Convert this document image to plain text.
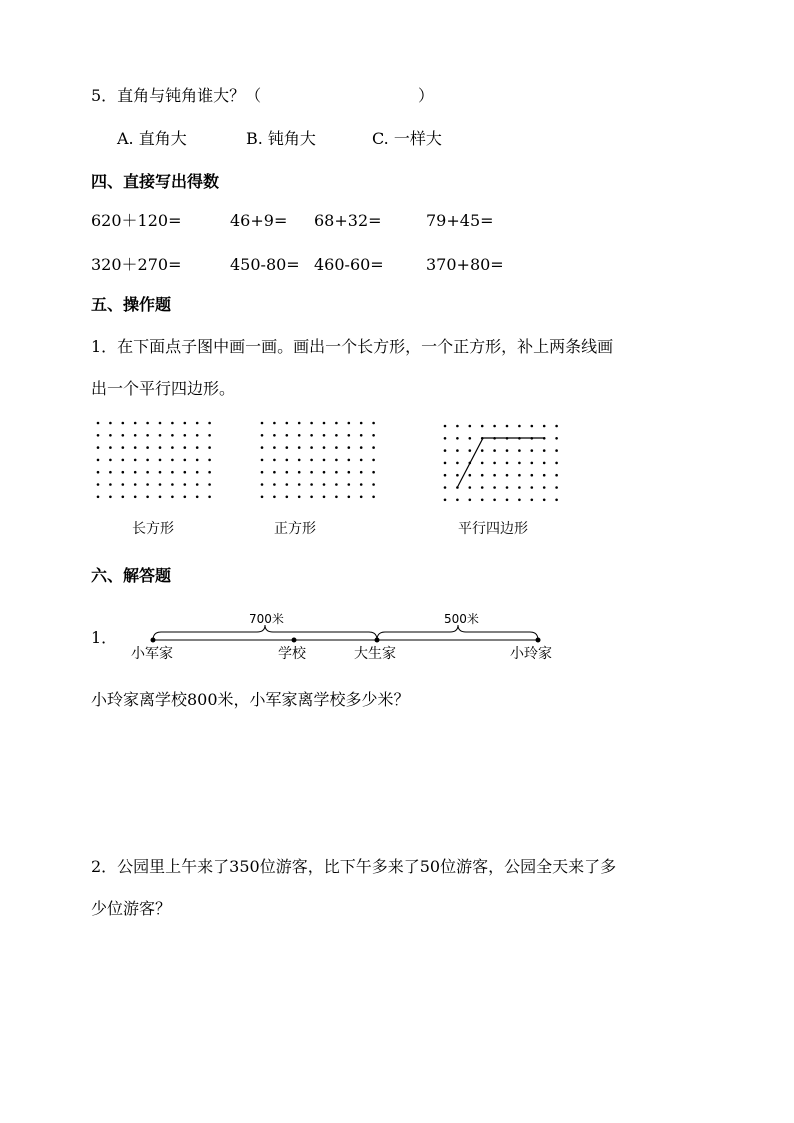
5．直角与钝角谁大？（	）
A. 直角大	B. 钝角大	C. 一样大
四、直接写出得数
620＋120=	46+9= 68+32=	79+45=
320＋270=	450-80= 460-60=	370+80=
五、操作题
1．在下面点子图中画一画。画出一个长方形，一个正方形，补上两条线画
出一个平行四边形。
长方形	正方形	平行四边形
六、解答题
1．
700米	500米
小军家	学校	大生家	小玲家
小玲家离学校800米，小军家离学校多少米？
2．公园里上午来了350位游客，比下午多来了50位游客，公园全天来了多
少位游客？
